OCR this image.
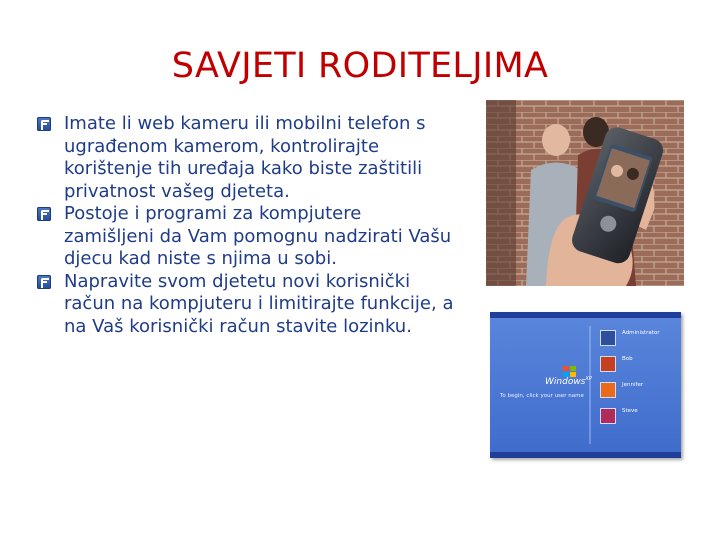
SAVJETI RODITELJIMA
Imate li web kameru ili mobilni telefon s ugrađenom kamerom, kontrolirajte korištenje tih uređaja kako biste zaštitili privatnost vašeg djeteta.
Postoje i programi za kompjutere zamišljeni da Vam pomognu nadzirati Vašu djecu kad niste s njima u sobi.
Napravite svom djetetu novi korisnički račun na kompjuteru i limitirajte funkcije, a na Vaš korisnički račun stavite lozinku.
Windows$^{XP}$
To begin, click your user name
Administrator
Bob
Jennifer
Steve
